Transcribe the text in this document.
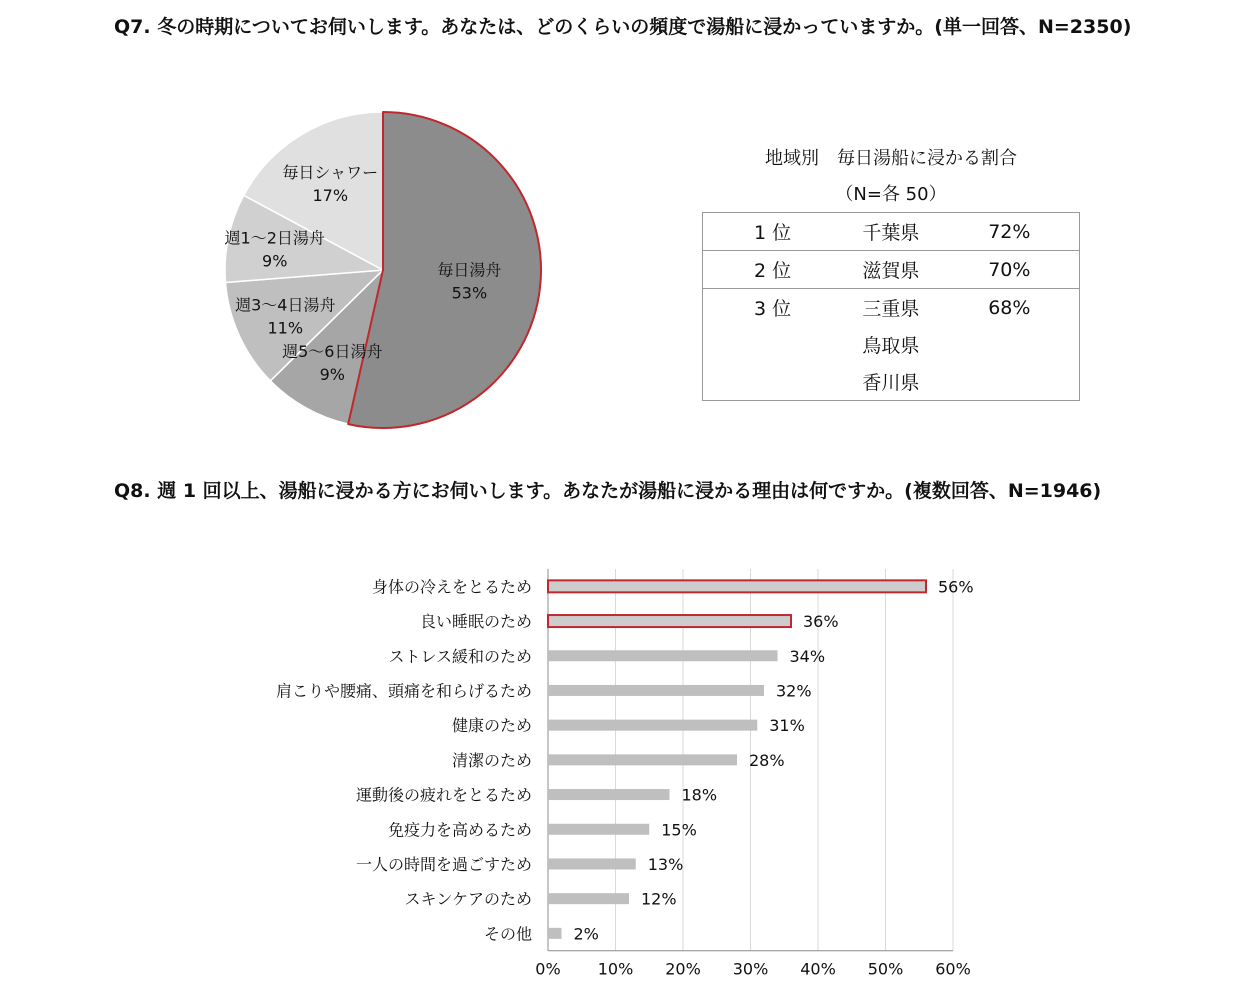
Q7. 冬の時期についてお伺いします。あなたは、どのくらいの頻度で湯船に浸かっていますか。(単一回答、N=2350)
毎日湯舟
53%
週5～6日湯舟
9%
週3～4日湯舟
11%
週1～2日湯舟
9%
毎日シャワー
17%
地域別　毎日湯船に浸かる割合
（N=各 50）
1 位	千葉県	72%
2 位	滋賀県	70%
3 位	三重県	68%
	鳥取県	
	香川県	
Q8. 週 1 回以上、湯船に浸かる方にお伺いします。あなたが湯船に浸かる理由は何ですか。(複数回答、N=1946)
0% 10% 20% 30% 40% 50% 60%
身体の冷えをとるため
良い睡眠のため
ストレス緩和のため
肩こりや腰痛、頭痛を和らげるため
健康のため
清潔のため
運動後の疲れをとるため
免疫力を高めるため
一人の時間を過ごすため
スキンケアのため
その他
56%
36%
34%
32%
31%
28%
18%
15%
13%
12%
2%
